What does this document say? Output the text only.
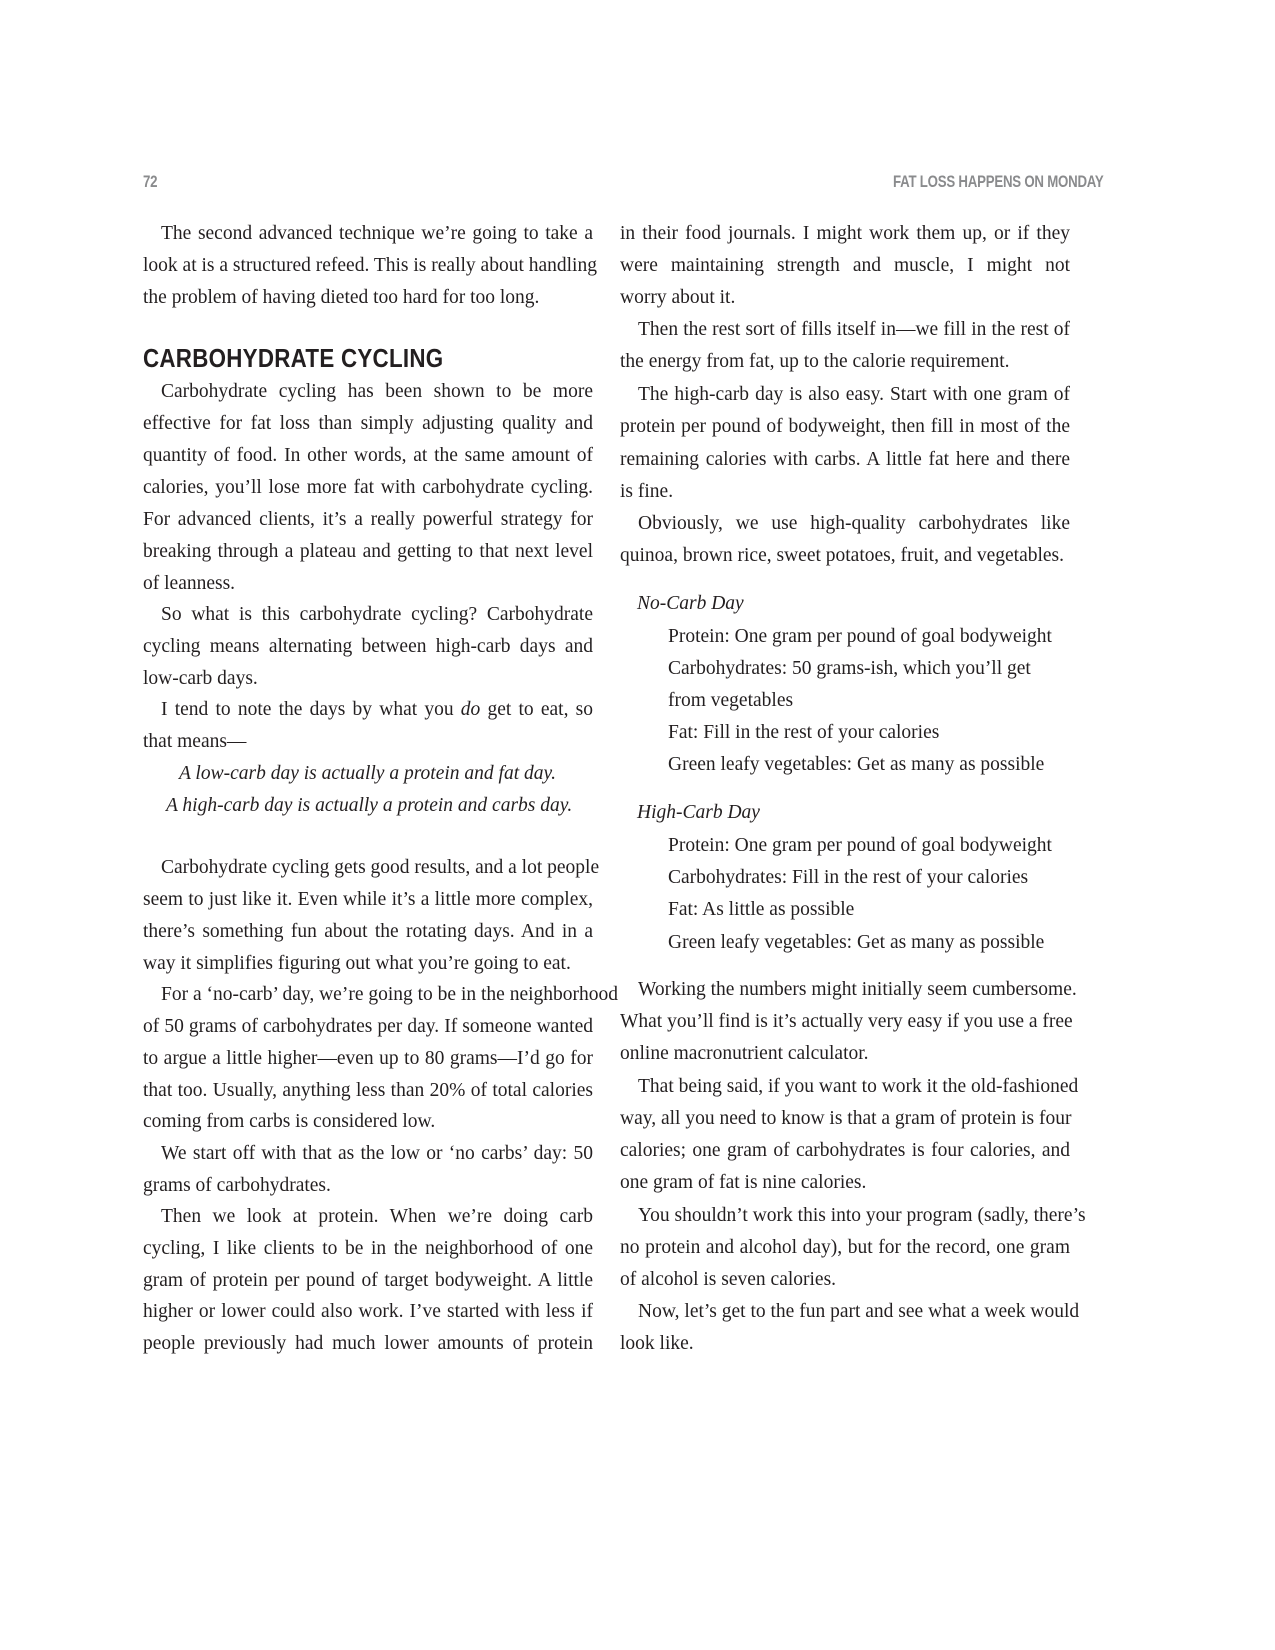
72	FAT LOSS HAPPENS ON MONDAY
The second advanced technique we’re going to take a
look at is a structured refeed. This is really about handling
the problem of having dieted too hard for too long.
CARBOHYDRATE CYCLING
Carbohydrate cycling has been shown to be more
effective for fat loss than simply adjusting quality and
quantity of food. In other words, at the same amount of
calories, you’ll lose more fat with carbohydrate cycling.
For advanced clients, it’s a really powerful strategy for
breaking through a plateau and getting to that next level
of leanness.
So what is this carbohydrate cycling? Carbohydrate
cycling means alternating between high-carb days and
low-carb days.
I tend to note the days by what you do get to eat, so
that means—
A low-carb day is actually a protein and fat day.
A high-carb day is actually a protein and carbs day.
Carbohydrate cycling gets good results, and a lot people
seem to just like it. Even while it’s a little more complex,
there’s something fun about the rotating days. And in a
way it simplifies figuring out what you’re going to eat.
For a ‘no-carb’ day, we’re going to be in the neighborhood
of 50 grams of carbohydrates per day. If someone wanted
to argue a little higher—even up to 80 grams—I’d go for
that too. Usually, anything less than 20% of total calories
coming from carbs is considered low.
We start off with that as the low or ‘no carbs’ day: 50
grams of carbohydrates.
Then we look at protein. When we’re doing carb
cycling, I like clients to be in the neighborhood of one
gram of protein per pound of target bodyweight. A little
higher or lower could also work. I’ve started with less if
people previously had much lower amounts of protein
in their food journals. I might work them up, or if they
were maintaining strength and muscle, I might not
worry about it.
Then the rest sort of fills itself in—we fill in the rest of
the energy from fat, up to the calorie requirement.
The high-carb day is also easy. Start with one gram of
protein per pound of bodyweight, then fill in most of the
remaining calories with carbs. A little fat here and there
is fine.
Obviously, we use high-quality carbohydrates like
quinoa, brown rice, sweet potatoes, fruit, and vegetables.
No-Carb Day
Protein: One gram per pound of goal bodyweight
Carbohydrates: 50 grams-ish, which you’ll get
from vegetables
Fat: Fill in the rest of your calories
Green leafy vegetables: Get as many as possible
High-Carb Day
Protein: One gram per pound of goal bodyweight
Carbohydrates: Fill in the rest of your calories
Fat: As little as possible
Green leafy vegetables: Get as many as possible
Working the numbers might initially seem cumbersome.
What you’ll find is it’s actually very easy if you use a free
online macronutrient calculator.
That being said, if you want to work it the old-fashioned
way, all you need to know is that a gram of protein is four
calories; one gram of carbohydrates is four calories, and
one gram of fat is nine calories.
You shouldn’t work this into your program (sadly, there’s
no protein and alcohol day), but for the record, one gram
of alcohol is seven calories.
Now, let’s get to the fun part and see what a week would
look like.
